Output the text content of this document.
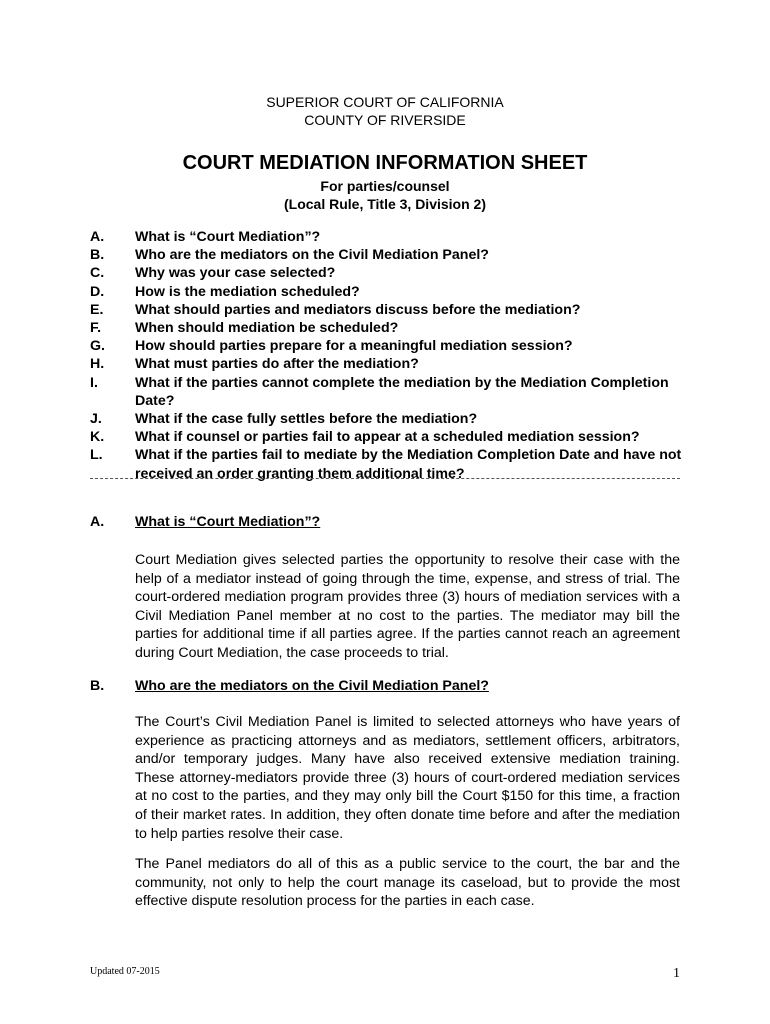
SUPERIOR COURT OF CALIFORNIA
COUNTY OF RIVERSIDE
COURT MEDIATION INFORMATION SHEET
For parties/counsel
(Local Rule, Title 3, Division 2)
A.	What is “Court Mediation”?
B.	Who are the mediators on the Civil Mediation Panel?
C.	Why was your case selected?
D.	How is the mediation scheduled?
E.	What should parties and mediators discuss before the mediation?
F.	When should mediation be scheduled?
G.	How should parties prepare for a meaningful mediation session?
H.	What must parties do after the mediation?
I.	What if the parties cannot complete the mediation by the Mediation Completion Date?
J.	What if the case fully settles before the mediation?
K.	What if counsel or parties fail to appear at a scheduled mediation session?
L.	What if the parties fail to mediate by the Mediation Completion Date and have not received an order granting them additional time?
A.	What is “Court Mediation”?

Court Mediation gives selected parties the opportunity to resolve their case with the help of a mediator instead of going through the time, expense, and stress of trial. The court-ordered mediation program provides three (3) hours of mediation services with a Civil Mediation Panel member at no cost to the parties. The mediator may bill the parties for additional time if all parties agree. If the parties cannot reach an agreement during Court Mediation, the case proceeds to trial.

B.	Who are the mediators on the Civil Mediation Panel?

The Court’s Civil Mediation Panel is limited to selected attorneys who have years of experience as practicing attorneys and as mediators, settlement officers, arbitrators, and/or temporary judges. Many have also received extensive mediation training. These attorney-mediators provide three (3) hours of court-ordered mediation services at no cost to the parties, and they may only bill the Court $150 for this time, a fraction of their market rates. In addition, they often donate time before and after the mediation to help parties resolve their case.

The Panel mediators do all of this as a public service to the court, the bar and the community, not only to help the court manage its caseload, but to provide the most effective dispute resolution process for the parties in each case.

Updated 07-2015	1
